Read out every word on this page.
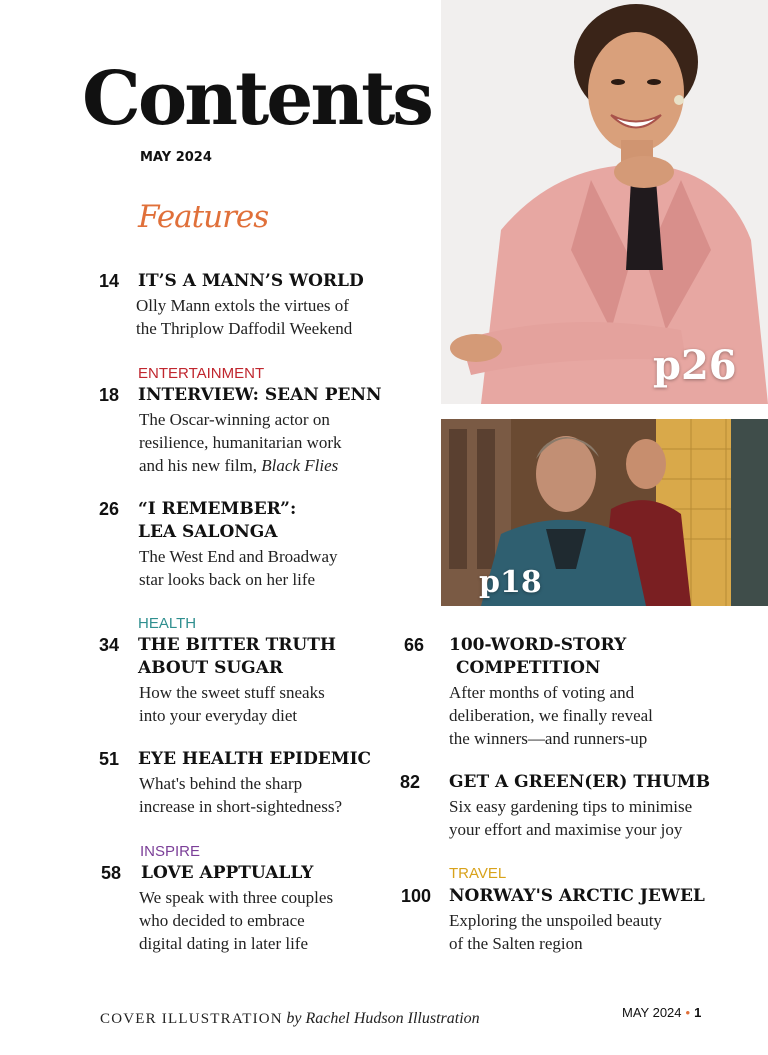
Contents
MAY 2024
Features
p26
p18
14 IT’S A MANN’S WORLD
Olly Mann extols the virtues of
the Thriplow Daffodil Weekend
ENTERTAINMENT
18 INTERVIEW: SEAN PENN
The Oscar-winning actor on
resilience, humanitarian work
and his new film, Black Flies
26 “I REMEMBER”:
LEA SALONGA
The West End and Broadway
star looks back on her life
HEALTH
34 THE BITTER TRUTH
ABOUT SUGAR
How the sweet stuff sneaks
into your everyday diet
51 EYE HEALTH EPIDEMIC
What's behind the sharp
increase in short-sightedness?
INSPIRE
58 LOVE APPTUALLY
We speak with three couples
who decided to embrace
digital dating in later life
66 100-WORD-STORY
COMPETITION
After months of voting and
deliberation, we finally reveal
the winners—and runners-up
82 GET A GREEN(ER) THUMB
Six easy gardening tips to minimise
your effort and maximise your joy
TRAVEL
100 NORWAY'S ARCTIC JEWEL
Exploring the unspoiled beauty
of the Salten region
COVER ILLUSTRATION by Rachel Hudson Illustration	MAY 2024 • 1
